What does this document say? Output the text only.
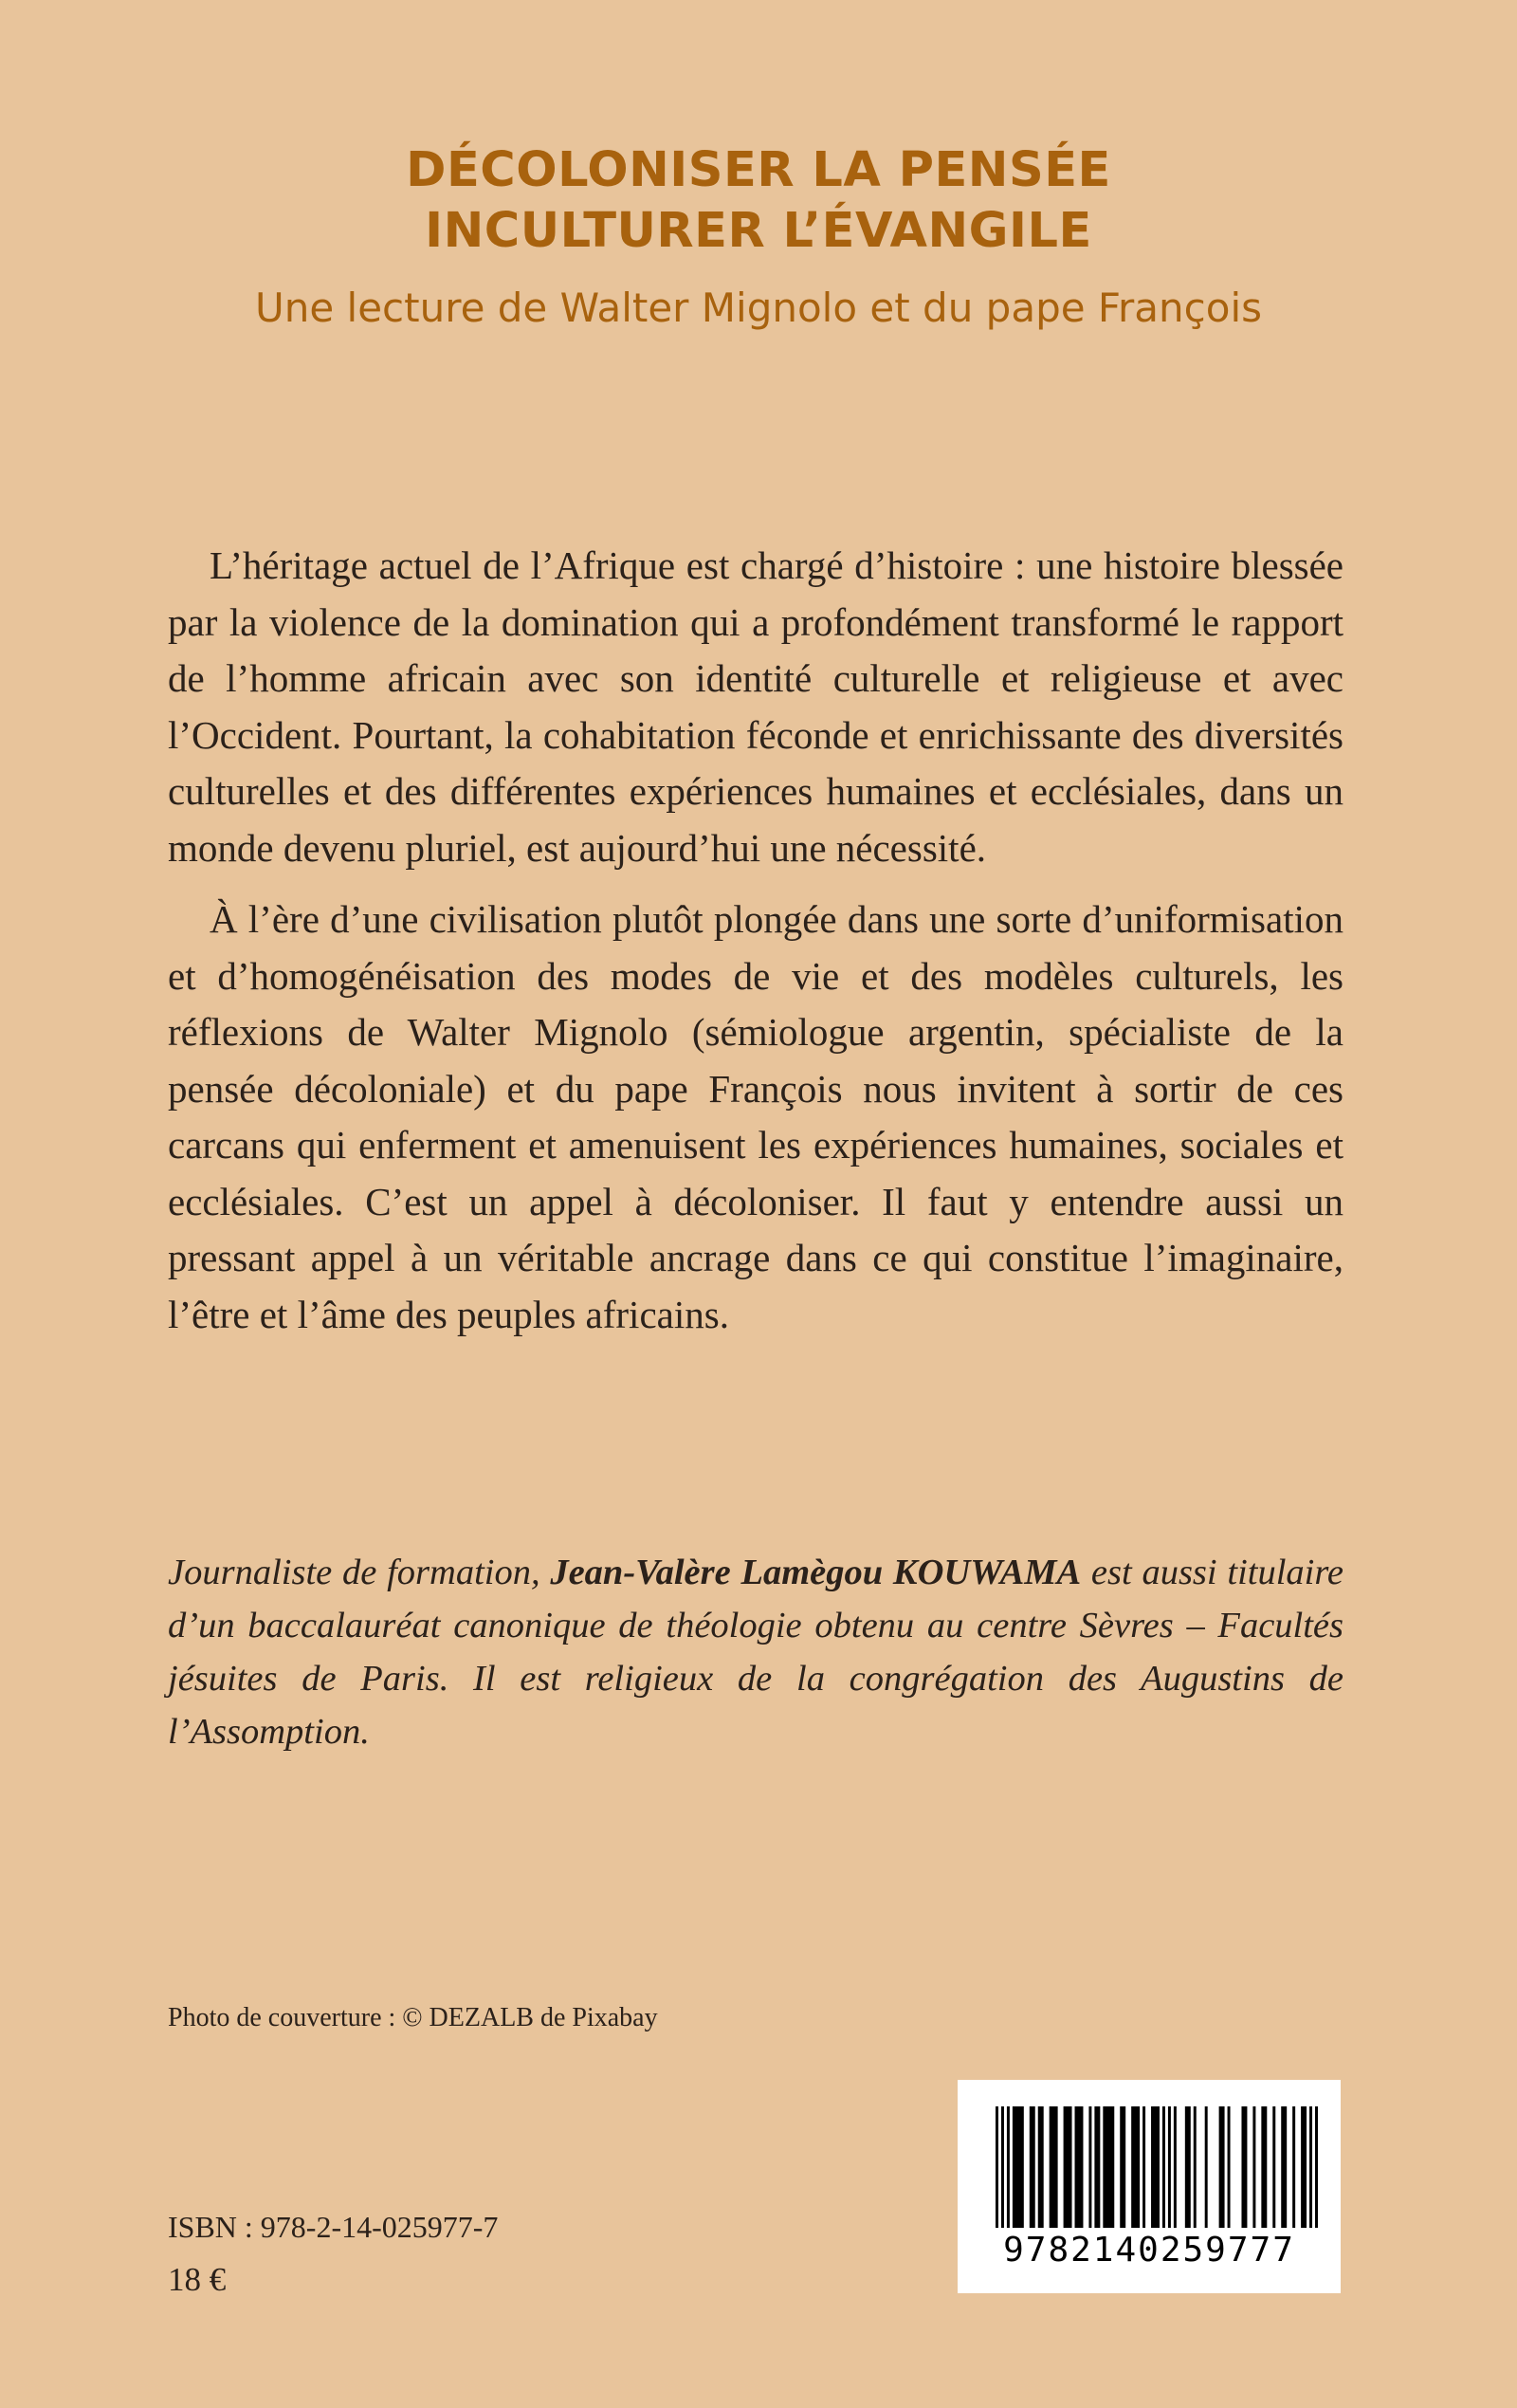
DÉCOLONISER LA PENSÉE
INCULTURER L’ÉVANGILE
Une lecture de Walter Mignolo et du pape François

L’héritage actuel de l’Afrique est chargé d’histoire : une histoire blessée par la violence de la domination qui a profondément transformé le rapport de l’homme africain avec son identité culturelle et religieuse et avec l’Occident. Pourtant, la cohabitation féconde et enrichissante des diversités culturelles et des différentes expériences humaines et ecclésiales, dans un monde devenu pluriel, est aujourd’hui une nécessité.

À l’ère d’une civilisation plutôt plongée dans une sorte d’uniformisation et d’homogénéisation des modes de vie et des modèles culturels, les réflexions de Walter Mignolo (sémiologue argentin, spécialiste de la pensée décoloniale) et du pape François nous invitent à sortir de ces carcans qui enferment et amenuisent les expériences humaines, sociales et ecclésiales. C’est un appel à décoloniser. Il faut y entendre aussi un pressant appel à un véritable ancrage dans ce qui constitue l’imaginaire, l’être et l’âme des peuples africains.

Journaliste de formation, Jean-Valère Lamègou KOUWAMA est aussi titulaire d’un baccalauréat canonique de théologie obtenu au centre Sèvres – Facultés jésuites de Paris. Il est religieux de la congrégation des Augustins de l’Assomption.
Photo de couverture : © DEZALB de Pixabay
ISBN : 978-2-14-025977-7
18 €
9782140259777
